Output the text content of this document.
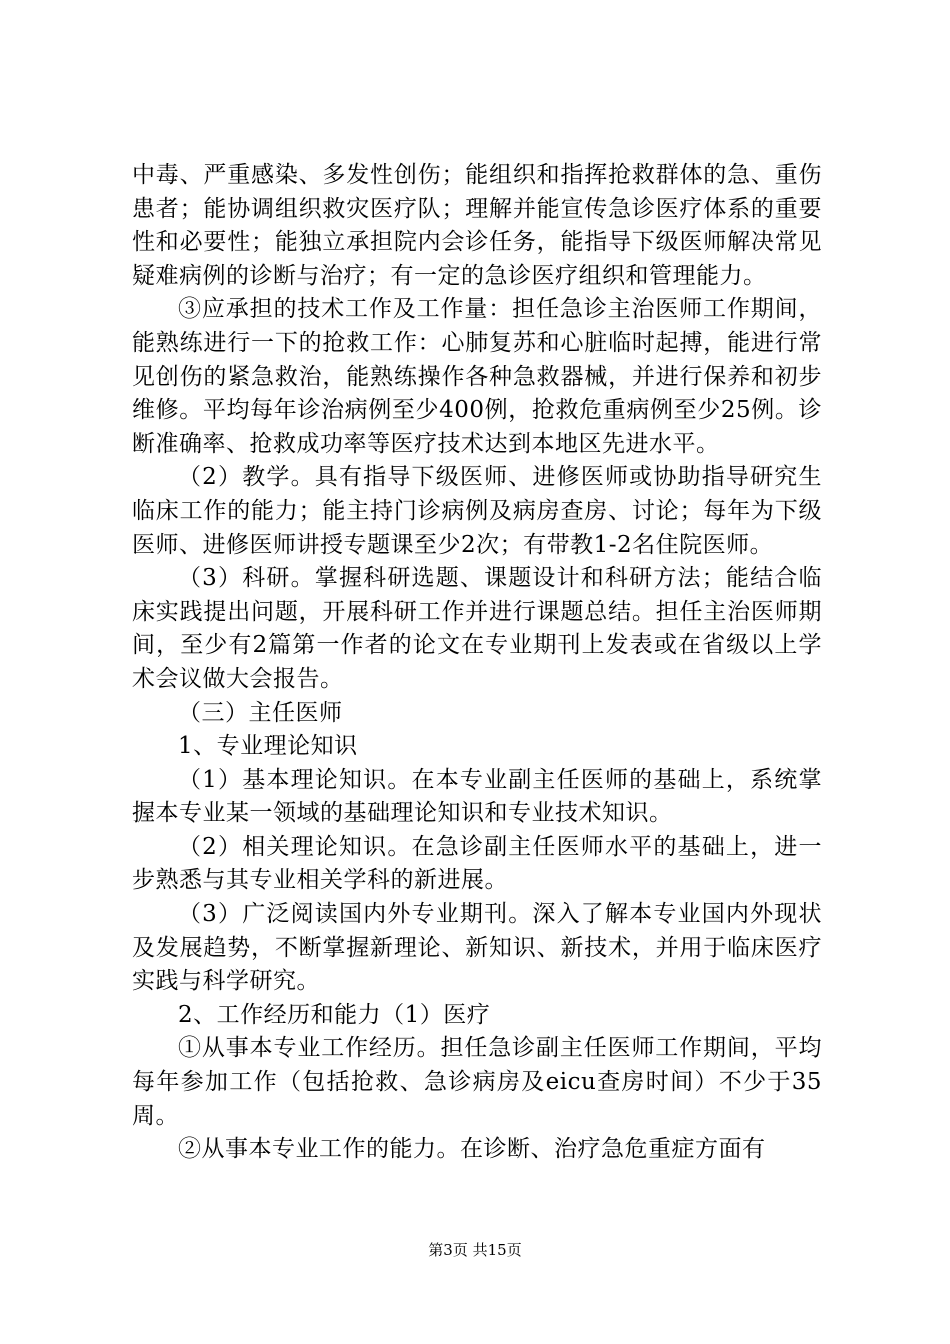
中毒、严重感染、多发性创伤；能组织和指挥抢救群体的急、重伤患者；能协调组织救灾医疗队；理解并能宣传急诊医疗体系的重要性和必要性；能独立承担院内会诊任务，能指导下级医师解决常见疑难病例的诊断与治疗；有一定的急诊医疗组织和管理能力。

③应承担的技术工作及工作量：担任急诊主治医师工作期间，能熟练进行一下的抢救工作：心肺复苏和心脏临时起搏，能进行常见创伤的紧急救治，能熟练操作各种急救器械，并进行保养和初步维修。平均每年诊治病例至少400例，抢救危重病例至少25例。诊断准确率、抢救成功率等医疗技术达到本地区先进水平。

（2）教学。具有指导下级医师、进修医师或协助指导研究生临床工作的能力；能主持门诊病例及病房查房、讨论；每年为下级医师、进修医师讲授专题课至少2次；有带教1-2名住院医师。

（3）科研。掌握科研选题、课题设计和科研方法；能结合临床实践提出问题，开展科研工作并进行课题总结。担任主治医师期间，至少有2篇第一作者的论文在专业期刊上发表或在省级以上学术会议做大会报告。

（三）主任医师

1、专业理论知识

（1）基本理论知识。在本专业副主任医师的基础上，系统掌握本专业某一领域的基础理论知识和专业技术知识。

（2）相关理论知识。在急诊副主任医师水平的基础上，进一步熟悉与其专业相关学科的新进展。

（3）广泛阅读国内外专业期刊。深入了解本专业国内外现状及发展趋势，不断掌握新理论、新知识、新技术，并用于临床医疗实践与科学研究。

2、工作经历和能力（1）医疗

①从事本专业工作经历。担任急诊副主任医师工作期间，平均每年参加工作（包括抢救、急诊病房及eicu查房时间）不少于35周。

②从事本专业工作的能力。在诊断、治疗急危重症方面有

第3页 共15页
